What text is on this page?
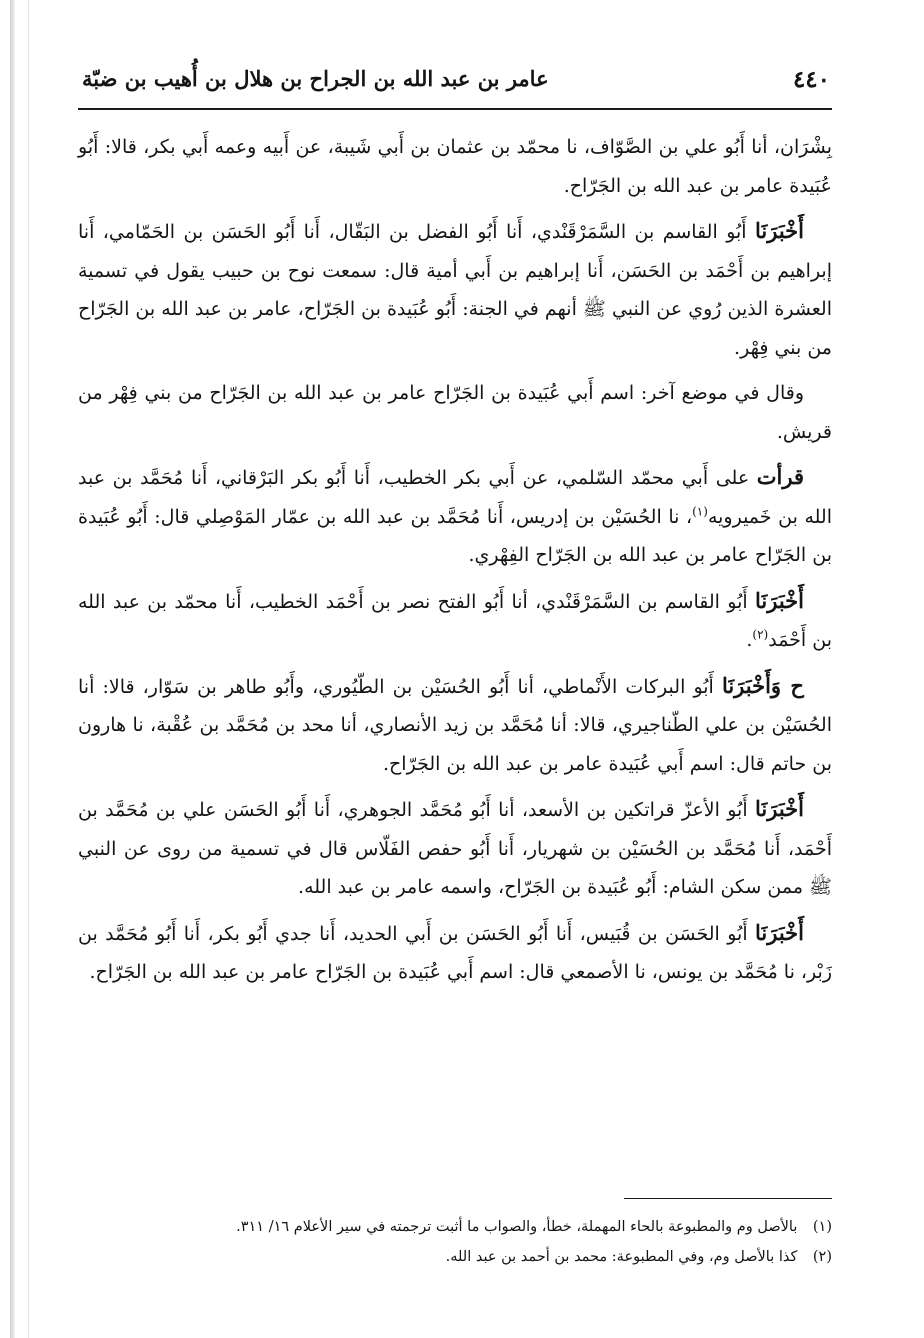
٤٤٠
عامر بن عبد الله بن الجراح بن هلال بن أُهيب بن ضبّة

بِشْرَان، أنا أَبُو علي بن الصَّوّاف، نا محمّد بن عثمان بن أَبي شَيبة، عن أَبيه وعمه أَبي بكر، قالا: أَبُو عُبَيدة عامر بن عبد الله بن الجَرّاح.

أَخْبَرَنَا أَبُو القاسم بن السَّمَرْقَنْدي، أَنا أَبُو الفضل بن البَقّال، أَنا أَبُو الحَسَن بن الحَمّامي، أَنا إبراهيم بن أَحْمَد بن الحَسَن، أَنا إبراهيم بن أَبي أمية قال: سمعت نوح بن حبيب يقول في تسمية العشرة الذين رُوي عن النبي ﷺ أنهم في الجنة: أَبُو عُبَيدة بن الجَرّاح، عامر بن عبد الله بن الجَرّاح من بني فِهْر.

وقال في موضع آخر: اسم أَبي عُبَيدة بن الجَرّاح عامر بن عبد الله بن الجَرّاح من بني فِهْر من قريش.

قرأت على أَبي محمّد السّلمي، عن أَبي بكر الخطيب، أَنا أَبُو بكر البَرْقاني، أَنا مُحَمَّد بن عبد الله بن خَميرويه$^{(١)}$، نا الحُسَيْن بن إدريس، أَنا مُحَمَّد بن عبد الله بن عمّار المَوْصِلي قال: أَبُو عُبَيدة بن الجَرّاح عامر بن عبد الله بن الجَرّاح الفِهْري.

أَخْبَرَنَا أَبُو القاسم بن السَّمَرْقَنْدي، أنا أَبُو الفتح نصر بن أَحْمَد الخطيب، أَنا محمّد بن عبد الله بن أَحْمَد$^{(٢)}$.

ح وَأَخْبَرَنَا أَبُو البركات الأَنْماطي، أنا أَبُو الحُسَيْن بن الطّيُوري، وأَبُو طاهر بن سَوّار، قالا: أنا الحُسَيْن بن علي الطّناجيري، قالا: أنا مُحَمَّد بن زيد الأنصاري، أنا محد بن مُحَمَّد بن عُقْبة، نا هارون بن حاتم قال: اسم أَبي عُبَيدة عامر بن عبد الله بن الجَرّاح.

أَخْبَرَنَا أَبُو الأعزّ قراتكين بن الأسعد، أنا أَبُو مُحَمَّد الجوهري، أَنا أَبُو الحَسَن علي بن مُحَمَّد بن أَحْمَد، أَنا مُحَمَّد بن الحُسَيْن بن شهريار، أَنا أَبُو حفص الفَلّاس قال في تسمية من روى عن النبي ﷺ ممن سكن الشام: أَبُو عُبَيدة بن الجَرّاح، واسمه عامر بن عبد الله.

أَخْبَرَنَا أَبُو الحَسَن بن قُبَيس، أَنا أَبُو الحَسَن بن أَبي الحديد، أَنا جدي أَبُو بكر، أَنا أَبُو مُحَمَّد بن زَبْر، نا مُحَمَّد بن يونس، نا الأصمعي قال: اسم أَبي عُبَيدة بن الجَرّاح عامر بن عبد الله بن الجَرّاح.

(١) بالأصل وم والمطبوعة بالحاء المهملة، خطأ، والصواب ما أثبت ترجمته في سير الأعلام ١٦/ ٣١١.

(٢) كذا بالأصل وم، وفي المطبوعة: محمد بن أحمد بن عبد الله.
